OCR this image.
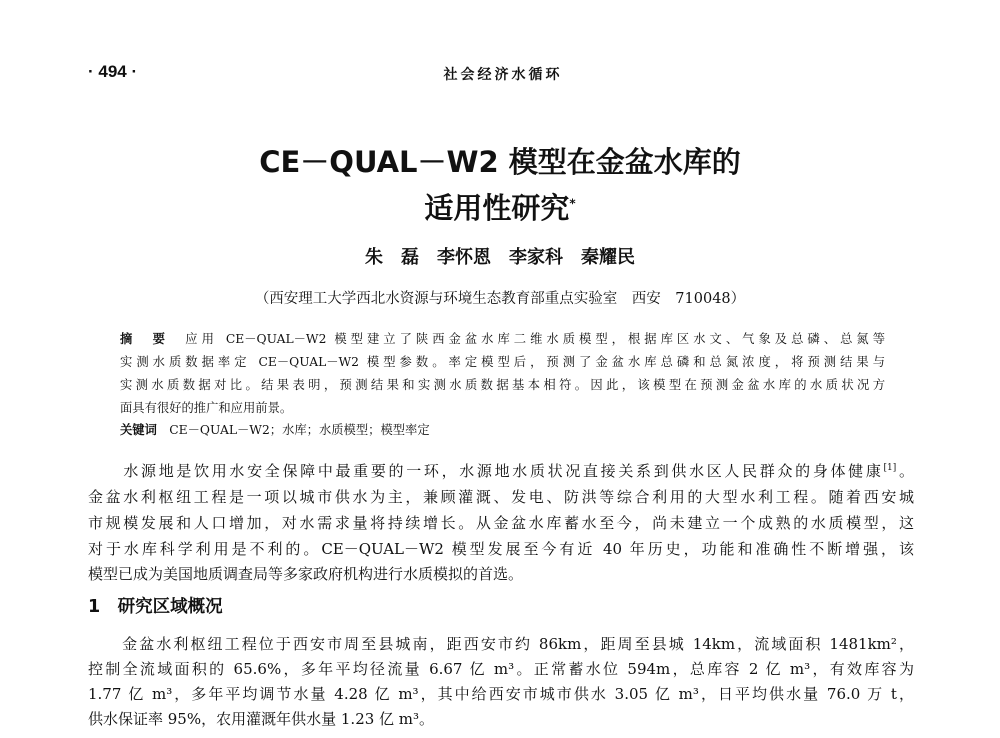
· 494 ·	社会经济水循环
CE－QUAL－W2 模型在金盆水库的
适用性研究*
朱　磊　李怀恩　李家科　秦耀民
（西安理工大学西北水资源与环境生态教育部重点实验室　西安　710048）
摘　要　 应用 CE－QUAL－W2 模型建立了陕西金盆水库二维水质模型，根据库区水文、气象及总磷、总氮等
实测水质数据率定 CE－QUAL－W2 模型参数。率定模型后，预测了金盆水库总磷和总氮浓度，将预测结果与
实测水质数据对比。结果表明，预测结果和实测水质数据基本相符。因此，该模型在预测金盆水库的水质状况方
面具有很好的推广和应用前景。
关键词　 CE－QUAL－W2；水库；水质模型；模型率定
　　水源地是饮用水安全保障中最重要的一环，水源地水质状况直接关系到供水区人民群众的身体健康[1]。
金盆水利枢纽工程是一项以城市供水为主，兼顾灌溉、发电、防洪等综合利用的大型水利工程。随着西安城
市规模发展和人口增加，对水需求量将持续增长。从金盆水库蓄水至今，尚未建立一个成熟的水质模型，这
对于水库科学利用是不利的。CE－QUAL－W2 模型发展至今有近 40 年历史，功能和准确性不断增强，该
模型已成为美国地质调查局等多家政府机构进行水质模拟的首选。
1　研究区域概况
　　金盆水利枢纽工程位于西安市周至县城南，距西安市约 86km，距周至县城 14km，流域面积 1481km²，
控制全流域面积的 65.6%，多年平均径流量 6.67 亿 m³。正常蓄水位 594m，总库容 2 亿 m³，有效库容为
1.77 亿 m³，多年平均调节水量 4.28 亿 m³，其中给西安市城市供水 3.05 亿 m³，日平均供水量 76.0 万 t，
供水保证率 95%，农用灌溉年供水量 1.23 亿 m³。
